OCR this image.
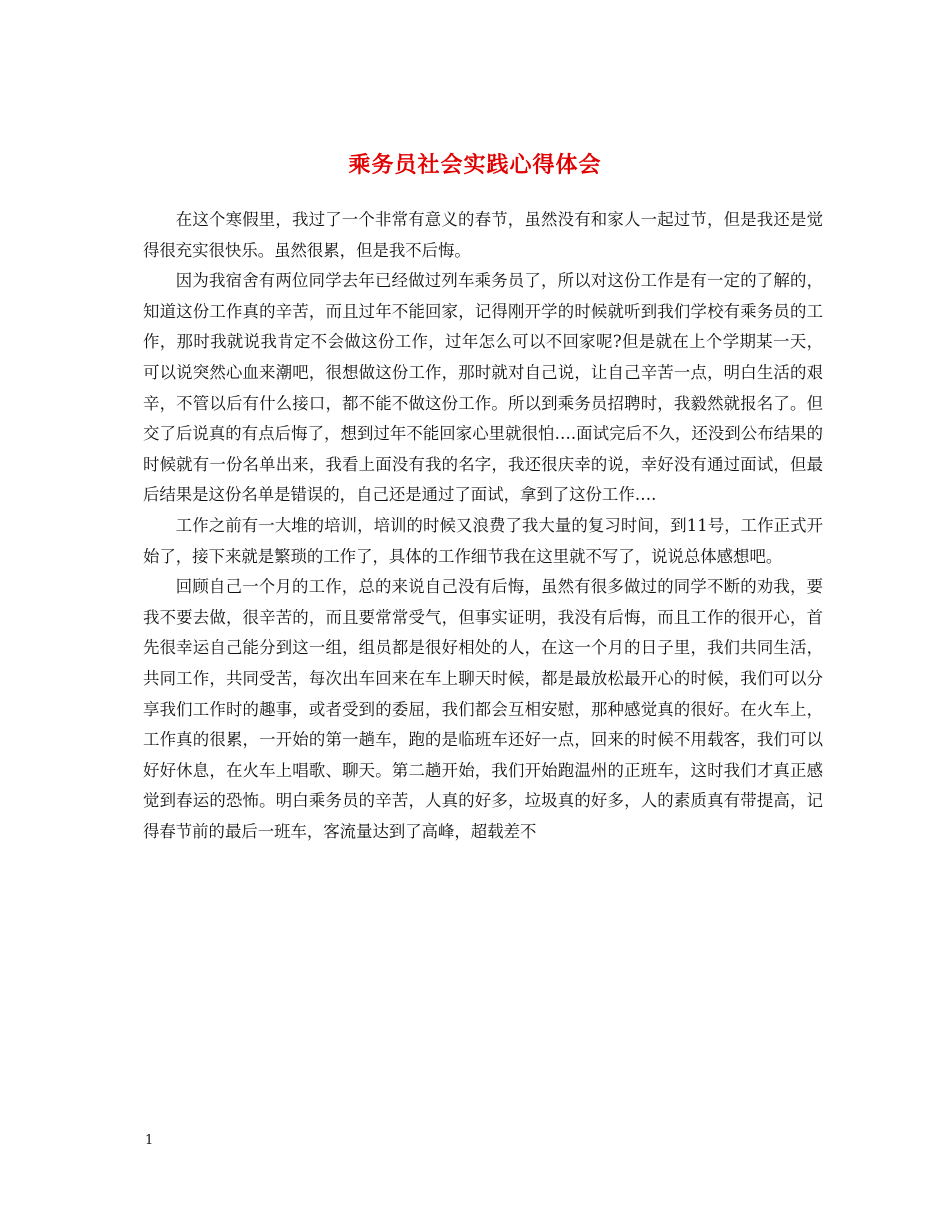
乘务员社会实践心得体会

在这个寒假里，我过了一个非常有意义的春节，虽然没有和家人一起过节，但是我还是觉得很充实很快乐。虽然很累，但是我不后悔。

因为我宿舍有两位同学去年已经做过列车乘务员了，所以对这份工作是有一定的了解的，知道这份工作真的辛苦，而且过年不能回家，记得刚开学的时候就听到我们学校有乘务员的工作，那时我就说我肯定不会做这份工作，过年怎么可以不回家呢?但是就在上个学期某一天，可以说突然心血来潮吧，很想做这份工作，那时就对自己说，让自己辛苦一点，明白生活的艰辛，不管以后有什么接口，都不能不做这份工作。所以到乘务员招聘时，我毅然就报名了。但交了后说真的有点后悔了，想到过年不能回家心里就很怕….面试完后不久，还没到公布结果的时候就有一份名单出来，我看上面没有我的名字，我还很庆幸的说，幸好没有通过面试，但最后结果是这份名单是错误的，自己还是通过了面试，拿到了这份工作….

工作之前有一大堆的培训，培训的时候又浪费了我大量的复习时间，到11号，工作正式开始了，接下来就是繁琐的工作了，具体的工作细节我在这里就不写了，说说总体感想吧。

回顾自己一个月的工作，总的来说自己没有后悔，虽然有很多做过的同学不断的劝我，要我不要去做，很辛苦的，而且要常常受气，但事实证明，我没有后悔，而且工作的很开心，首先很幸运自己能分到这一组，组员都是很好相处的人，在这一个月的日子里，我们共同生活，共同工作，共同受苦，每次出车回来在车上聊天时候，都是最放松最开心的时候，我们可以分享我们工作时的趣事，或者受到的委屈，我们都会互相安慰，那种感觉真的很好。在火车上，工作真的很累，一开始的第一趟车，跑的是临班车还好一点，回来的时候不用载客，我们可以好好休息，在火车上唱歌、聊天。第二趟开始，我们开始跑温州的正班车，这时我们才真正感觉到春运的恐怖。明白乘务员的辛苦，人真的好多，垃圾真的好多，人的素质真有带提高，记得春节前的最后一班车，客流量达到了高峰，超载差不

1
